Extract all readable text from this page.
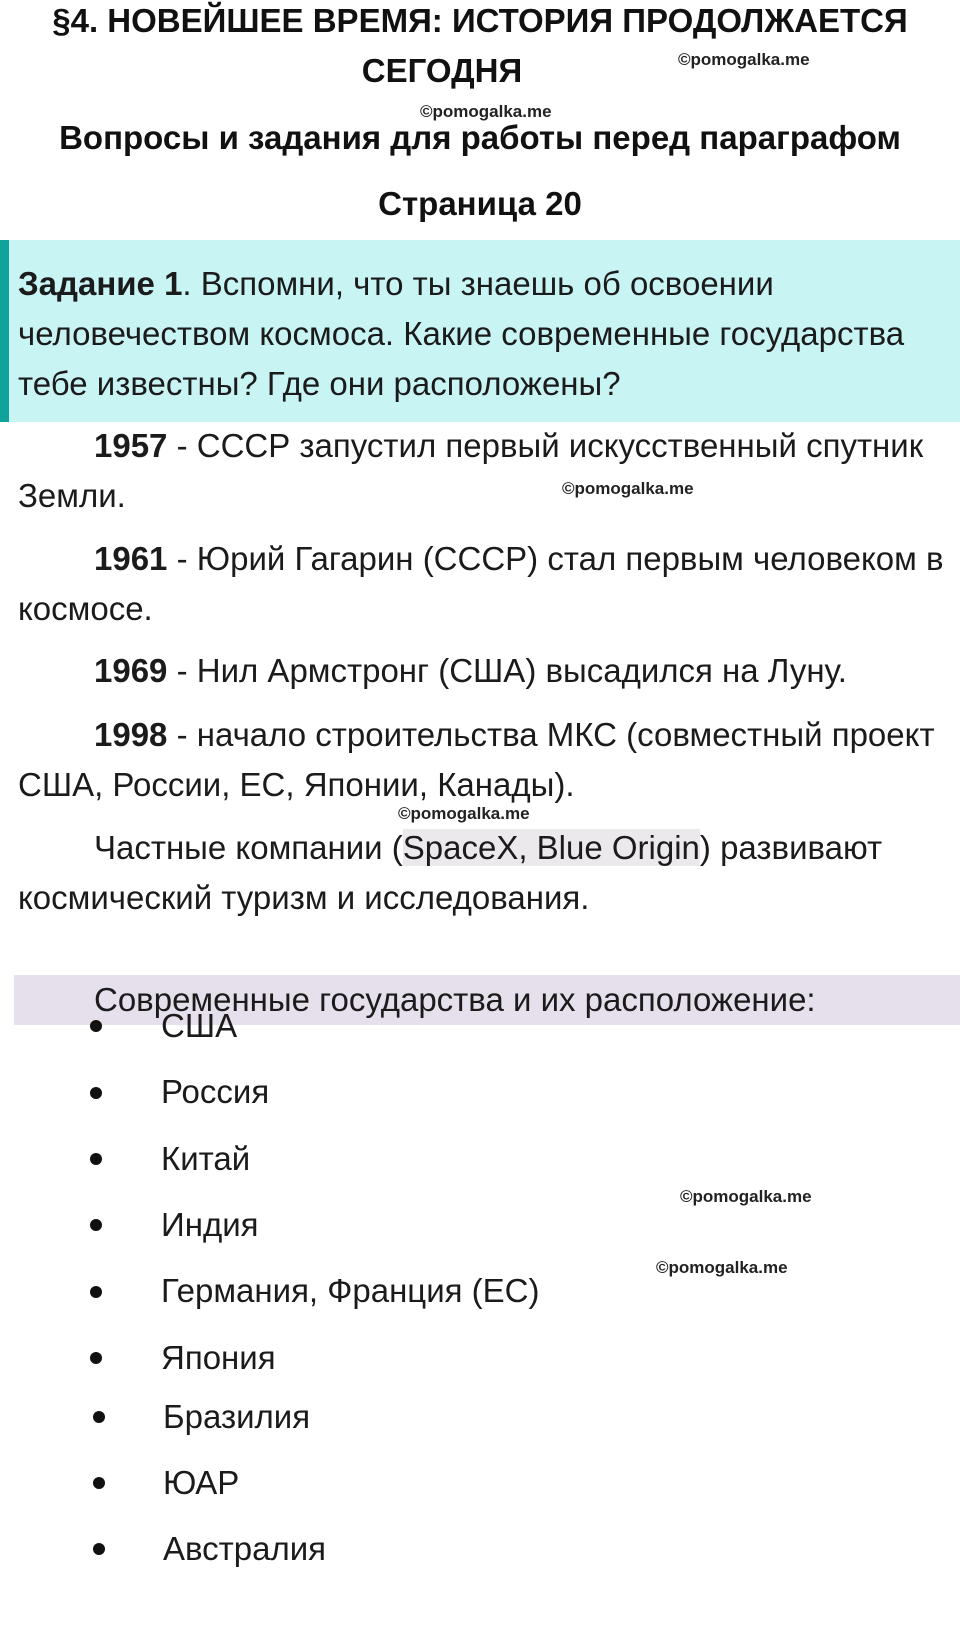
§4. НОВЕЙШЕЕ ВРЕМЯ: ИСТОРИЯ ПРОДОЛЖАЕТСЯ
СЕГОДНЯ	©pomogalka.me
©pomogalka.me
Вопросы и задания для работы перед параграфом
Страница 20
Задание 1. Вспомни, что ты знаешь об освоении человечеством космоса. Какие современные государства тебе известны? Где они расположены?
1957 - СССР запустил первый искусственный спутник Земли.	©pomogalka.me
1961 - Юрий Гагарин (СССР) стал первым человеком в космосе.
1969 - Нил Армстронг (США) высадился на Луну.
1998 - начало строительства МКС (совместный проект США, России, ЕС, Японии, Канады).
©pomogalka.me
Частные компании (SpaceX, Blue Origin) развивают космический туризм и исследования.
Современные государства и их расположение:
США
Россия
Китай
©pomogalka.me
Индия
©pomogalka.me
Германия, Франция (ЕС)
Япония
Бразилия
ЮАР
Австралия
